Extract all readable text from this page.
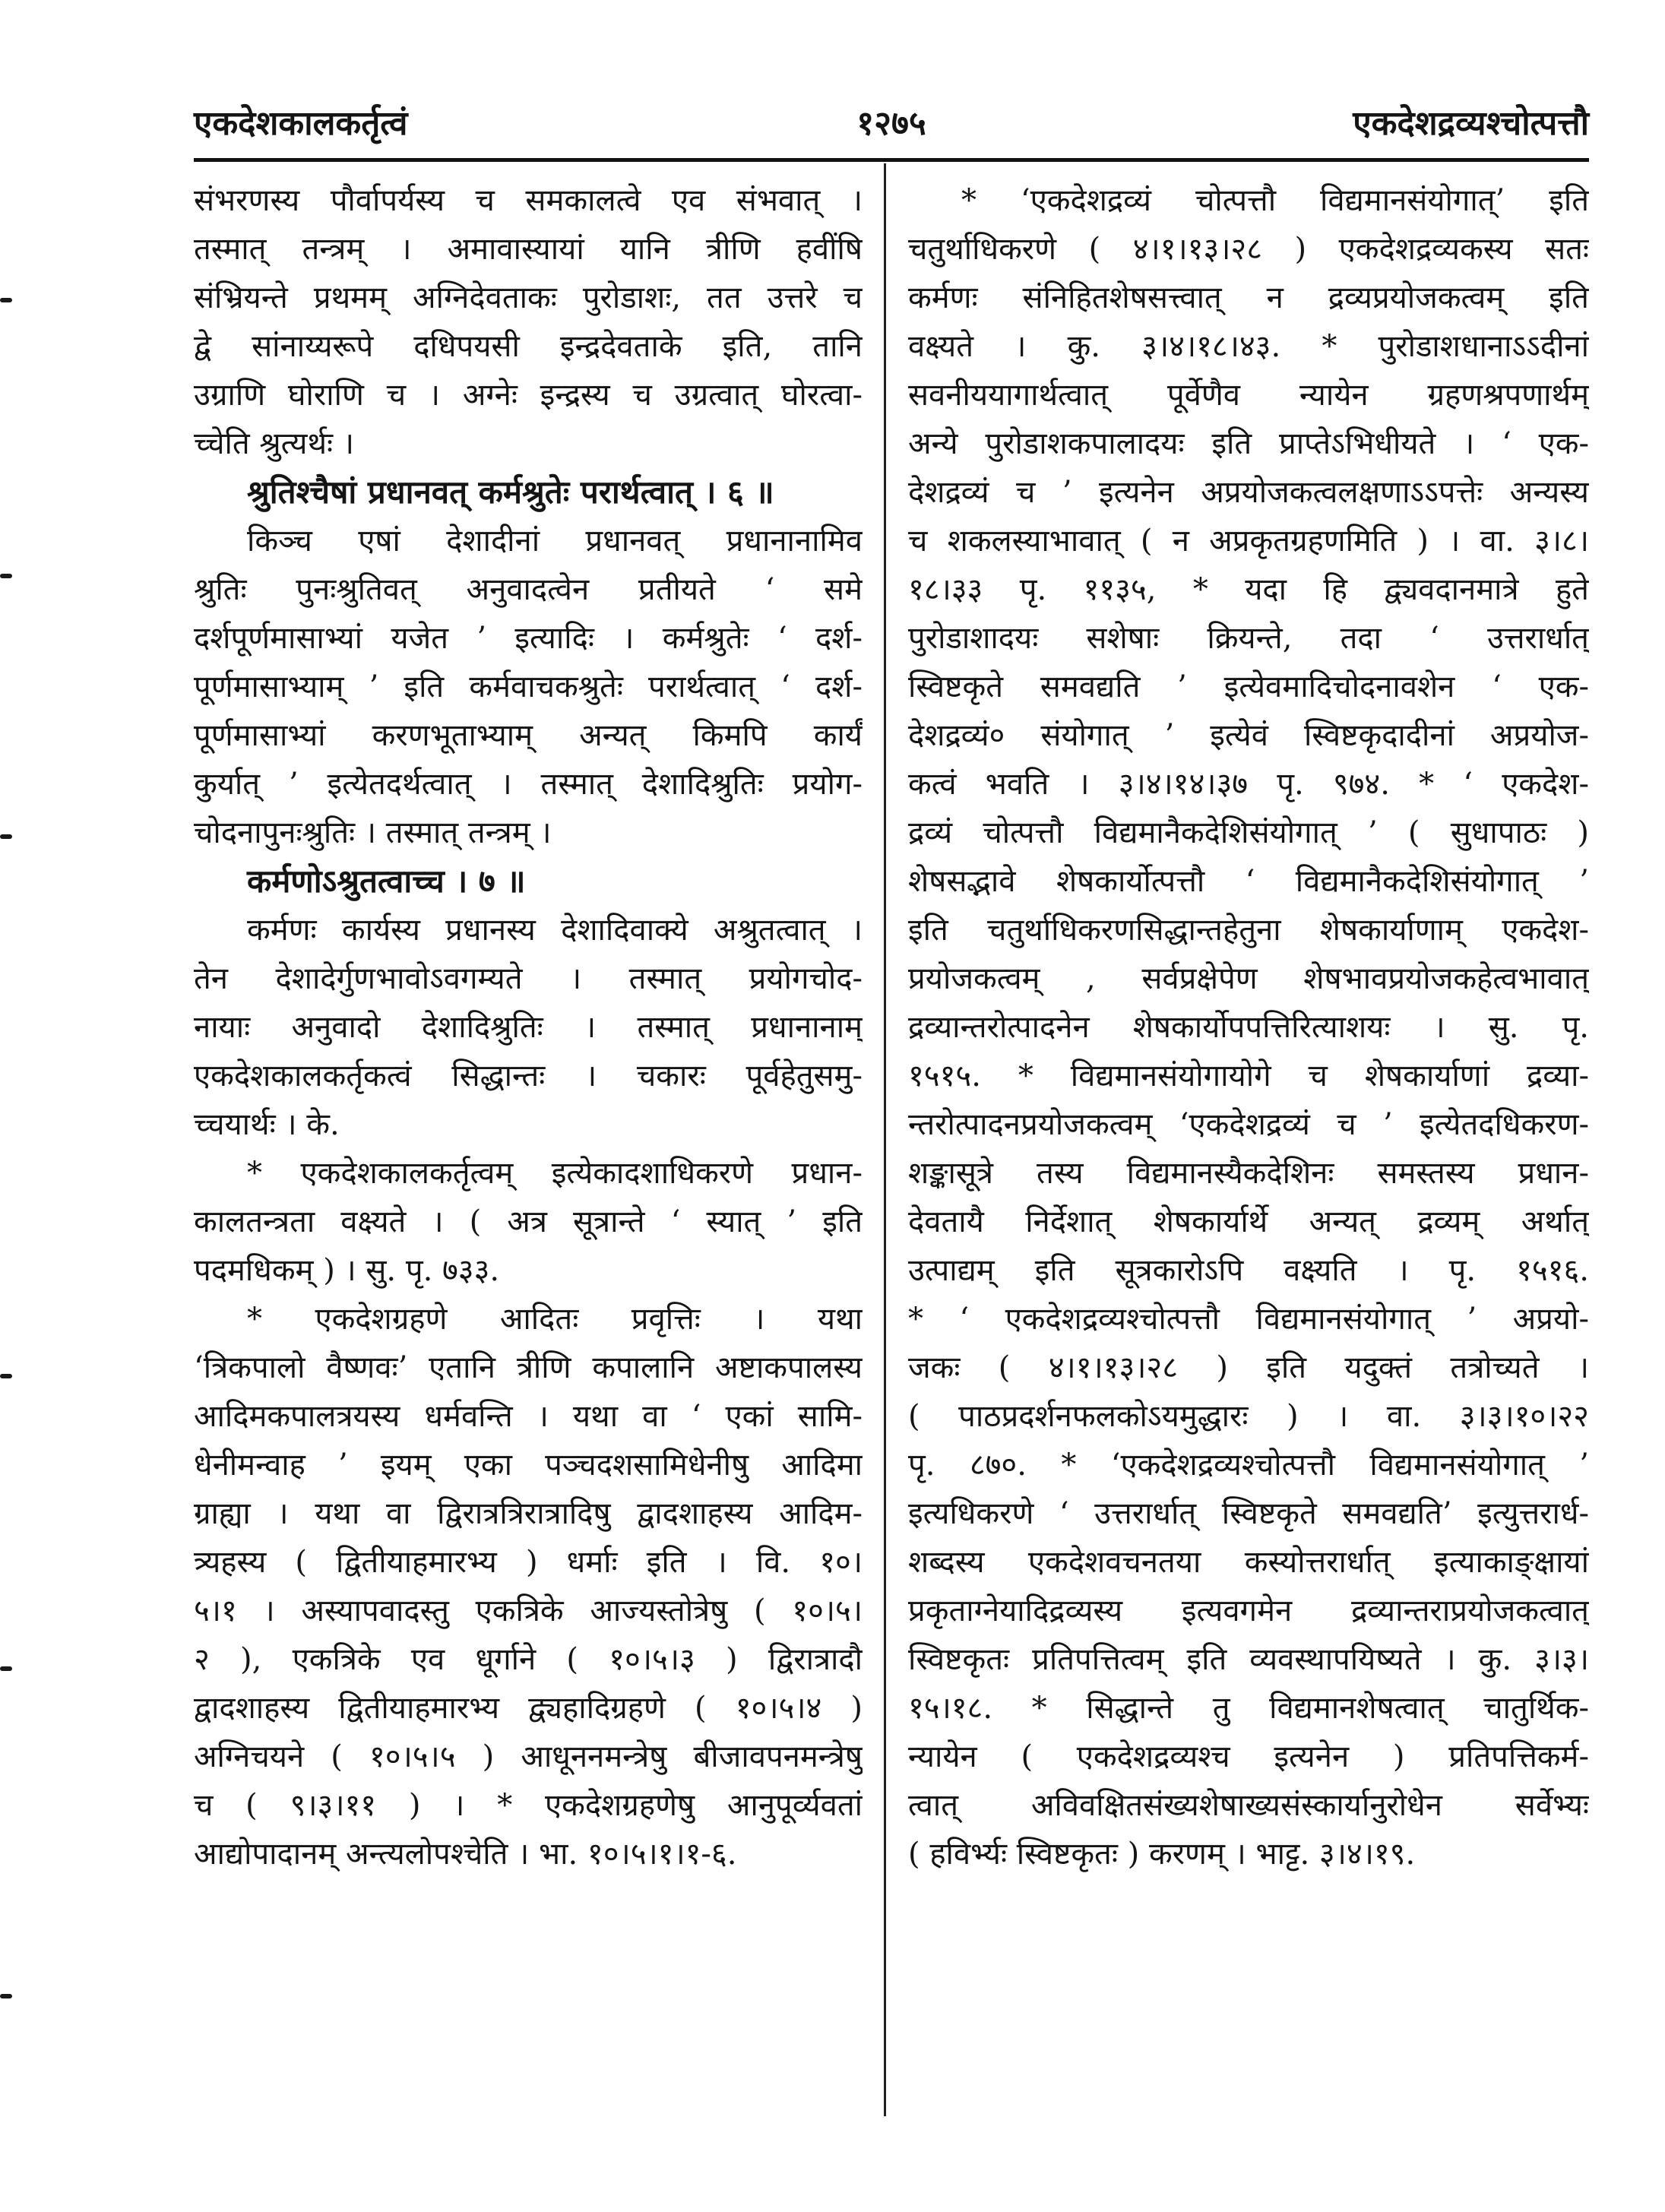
एकदेशकालकर्तृत्वं	१२७५	एकदेशद्रव्यश्चोत्पत्तौ
संभरणस्य पौर्वापर्यस्य च समकालत्वे एव संभवात् ।
तस्मात् तन्त्रम् । अमावास्यायां यानि त्रीणि हवींषि
संभ्रियन्ते प्रथमम् अग्निदेवताकः पुरोडाशः, तत उत्तरे च
द्वे सांनाय्यरूपे दधिपयसी इन्द्रदेवताके इति, तानि
उग्राणि घोराणि च । अग्नेः इन्द्रस्य च उग्रत्वात् घोरत्वा-
च्चेति श्रुत्यर्थः ।
श्रुतिश्चैषां प्रधानवत् कर्मश्रुतेः परार्थत्वात् । ६ ॥
किञ्च एषां देशादीनां प्रधानवत् प्रधानानामिव
श्रुतिः पुनःश्रुतिवत् अनुवादत्वेन प्रतीयते ‘ समे
दर्शपूर्णमासाभ्यां यजेत ’ इत्यादिः । कर्मश्रुतेः ‘ दर्श-
पूर्णमासाभ्याम् ’ इति कर्मवाचकश्रुतेः परार्थत्वात् ‘ दर्श-
पूर्णमासाभ्यां करणभूताभ्याम् अन्यत् किमपि कार्यं
कुर्यात् ’ इत्येतदर्थत्वात् । तस्मात् देशादिश्रुतिः प्रयोग-
चोदनापुनःश्रुतिः । तस्मात् तन्त्रम् ।
कर्मणोऽश्रुतत्वाच्च । ७ ॥
कर्मणः कार्यस्य प्रधानस्य देशादिवाक्ये अश्रुतत्वात् ।
तेन देशादेर्गुणभावोऽवगम्यते । तस्मात् प्रयोगचोद-
नायाः अनुवादो देशादिश्रुतिः । तस्मात् प्रधानानाम्
एकदेशकालकर्तृकत्वं सिद्धान्तः । चकारः पूर्वहेतुसमु-
च्चयार्थः । के.
* एकदेशकालकर्तृत्वम् इत्येकादशाधिकरणे प्रधान-
कालतन्त्रता वक्ष्यते । ( अत्र सूत्रान्ते ‘ स्यात् ’ इति
पदमधिकम् ) । सु. पृ. ७३३.
* एकदेशग्रहणे आदितः प्रवृत्तिः । यथा
‘त्रिकपालो वैष्णवः’ एतानि त्रीणि कपालानि अष्टाकपालस्य
आदिमकपालत्रयस्य धर्मवन्ति । यथा वा ‘ एकां सामि-
धेनीमन्वाह ’ इयम् एका पञ्चदशसामिधेनीषु आदिमा
ग्राह्या । यथा वा द्विरात्रत्रिरात्रादिषु द्वादशाहस्य आदिम-
त्र्यहस्य ( द्वितीयाहमारभ्य ) धर्माः इति । वि. १०।
५।१ । अस्यापवादस्तु एकत्रिके आज्यस्तोत्रेषु ( १०।५।
२ ), एकत्रिके एव धूर्गाने ( १०।५।३ ) द्विरात्रादौ
द्वादशाहस्य द्वितीयाहमारभ्य द्व्यहादिग्रहणे ( १०।५।४ )
अग्निचयने ( १०।५।५ ) आधूननमन्त्रेषु बीजावपनमन्त्रेषु
च ( ९।३।११ ) । * एकदेशग्रहणेषु आनुपूर्व्यवतां
आद्योपादानम् अन्त्यलोपश्चेति । भा. १०।५।१।१-६.
* ‘एकदेशद्रव्यं चोत्पत्तौ विद्यमानसंयोगात्’ इति
चतुर्थाधिकरणे ( ४।१।१३।२८ ) एकदेशद्रव्यकस्य सतः
कर्मणः संनिहितशेषसत्त्वात् न द्रव्यप्रयोजकत्वम् इति
वक्ष्यते । कु. ३।४।१८।४३. * पुरोडाशधानाऽऽदीनां
सवनीययागार्थत्वात् पूर्वेणैव न्यायेन ग्रहणश्रपणार्थम्
अन्ये पुरोडाशकपालादयः इति प्राप्तेऽभिधीयते । ‘ एक-
देशद्रव्यं च ’ इत्यनेन अप्रयोजकत्वलक्षणाऽऽपत्तेः अन्यस्य
च शकलस्याभावात् ( न अप्रकृतग्रहणमिति ) । वा. ३।८।
१८।३३ पृ. ११३५, * यदा हि द्व्यवदानमात्रे हुते
पुरोडाशादयः सशेषाः क्रियन्ते, तदा ‘ उत्तरार्धात्
स्विष्टकृते समवद्यति ’ इत्येवमादिचोदनावशेन ‘ एक-
देशद्रव्यं० संयोगात् ’ इत्येवं स्विष्टकृदादीनां अप्रयोज-
कत्वं भवति । ३।४।१४।३७ पृ. ९७४. * ‘ एकदेश-
द्रव्यं चोत्पत्तौ विद्यमानैकदेशिसंयोगात् ’ ( सुधापाठः )
शेषसद्भावे शेषकार्योत्पत्तौ ‘ विद्यमानैकदेशिसंयोगात् ’
इति चतुर्थाधिकरणसिद्धान्तहेतुना शेषकार्याणाम् एकदेश-
प्रयोजकत्वम् , सर्वप्रक्षेपेण शेषभावप्रयोजकहेत्वभावात्
द्रव्यान्तरोत्पादनेन शेषकार्योपपत्तिरित्याशयः । सु. पृ.
१५१५. * विद्यमानसंयोगायोगे च शेषकार्याणां द्रव्या-
न्तरोत्पादनप्रयोजकत्वम् ‘एकदेशद्रव्यं च ’ इत्येतदधिकरण-
शङ्कासूत्रे तस्य विद्यमानस्यैकदेशिनः समस्तस्य प्रधान-
देवतायै निर्देशात् शेषकार्यार्थे अन्यत् द्रव्यम् अर्थात्
उत्पाद्यम् इति सूत्रकारोऽपि वक्ष्यति । पृ. १५१६.
* ‘ एकदेशद्रव्यश्चोत्पत्तौ विद्यमानसंयोगात् ’ अप्रयो-
जकः ( ४।१।१३।२८ ) इति यदुक्तं तत्रोच्यते ।
( पाठप्रदर्शनफलकोऽयमुद्धारः ) । वा. ३।३।१०।२२
पृ. ८७०. * ‘एकदेशद्रव्यश्चोत्पत्तौ विद्यमानसंयोगात् ’
इत्यधिकरणे ‘ उत्तरार्धात् स्विष्टकृते समवद्यति’ इत्युत्तरार्ध-
शब्दस्य एकदेशवचनतया कस्योत्तरार्धात् इत्याकाङ्क्षायां
प्रकृताग्नेयादिद्रव्यस्य इत्यवगमेन द्रव्यान्तराप्रयोजकत्वात्
स्विष्टकृतः प्रतिपत्तित्वम् इति व्यवस्थापयिष्यते । कु. ३।३।
१५।१८. * सिद्धान्ते तु विद्यमानशेषत्वात् चातुर्थिक-
न्यायेन ( एकदेशद्रव्यश्च इत्यनेन ) प्रतिपत्तिकर्म-
त्वात् अविवक्षितसंख्यशेषाख्यसंस्कार्यानुरोधेन सर्वेभ्यः
( हविर्भ्यः स्विष्टकृतः ) करणम् । भाट्ट. ३।४।१९.
